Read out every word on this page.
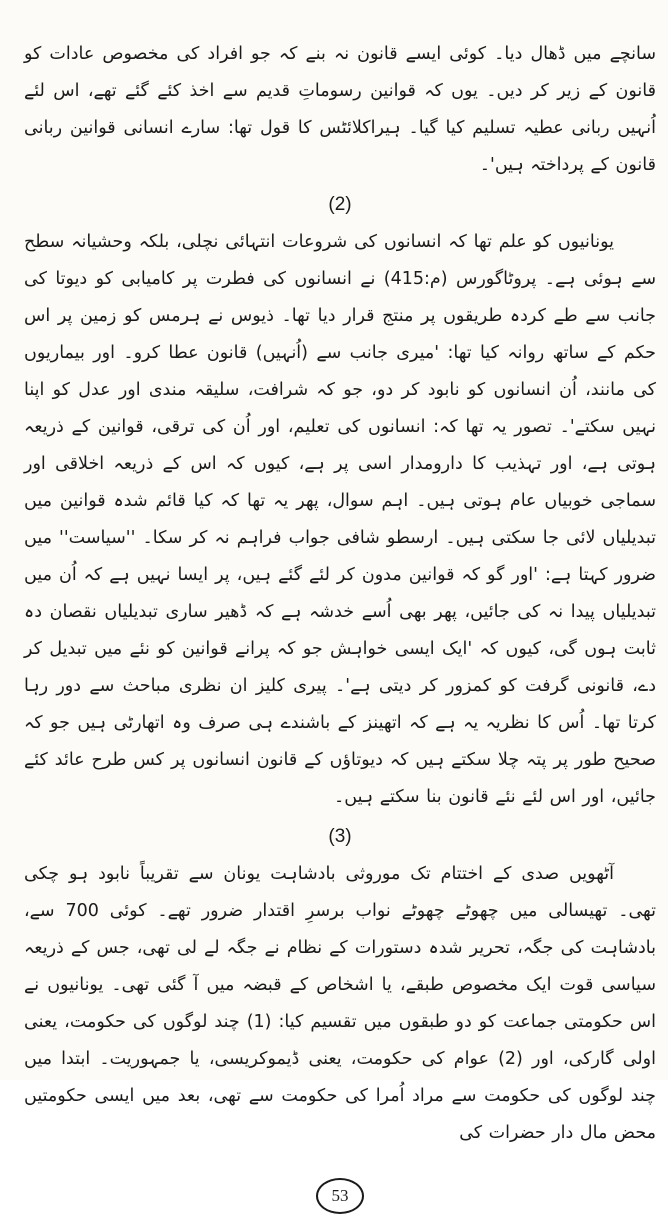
سانچے میں ڈھال دیا۔ کوئی ایسے قانون نہ بنے کہ جو افراد کی مخصوص عادات کو قانون کے زیر کر دیں۔ یوں کہ قوانین رسوماتِ قدیم سے اخذ کئے گئے تھے، اس لئے اُنہیں ربانی عطیہ تسلیم کیا گیا۔ ہیراکلائٹس کا قول تھا: سارے انسانی قوانین ربانی قانون کے پرداختہ ہیں'۔

(2)

یونانیوں کو علم تھا کہ انسانوں کی شروعات انتہائی نچلی، بلکہ وحشیانہ سطح سے ہوئی ہے۔ پروٹاگورس (م:415) نے انسانوں کی فطرت پر کامیابی کو دیوتا کی جانب سے طے کردہ طریقوں پر منتج قرار دیا تھا۔ ذیوس نے ہرمس کو زمین پر اس حکم کے ساتھ روانہ کیا تھا: 'میری جانب سے (اُنہیں) قانون عطا کرو۔ اور بیماریوں کی مانند، اُن انسانوں کو نابود کر دو، جو کہ شرافت، سلیقہ مندی اور عدل کو اپنا نہیں سکتے'۔ تصور یہ تھا کہ: انسانوں کی تعلیم، اور اُن کی ترقی، قوانین کے ذریعہ ہوتی ہے، اور تہذیب کا دارومدار اسی پر ہے، کیوں کہ اس کے ذریعہ اخلاقی اور سماجی خوبیاں عام ہوتی ہیں۔ اہم سوال، پھر یہ تھا کہ کیا قائم شدہ قوانین میں تبدیلیاں لائی جا سکتی ہیں۔ ارسطو شافی جواب فراہم نہ کر سکا۔ ''سیاست'' میں ضرور کہتا ہے: 'اور گو کہ قوانین مدون کر لئے گئے ہیں، پر ایسا نہیں ہے کہ اُن میں تبدیلیاں پیدا نہ کی جائیں، پھر بھی اُسے خدشہ ہے کہ ڈھیر ساری تبدیلیاں نقصان دہ ثابت ہوں گی، کیوں کہ 'ایک ایسی خواہش جو کہ پرانے قوانین کو نئے میں تبدیل کر دے، قانونی گرفت کو کمزور کر دیتی ہے'۔ پیری کلیز ان نظری مباحث سے دور رہا کرتا تھا۔ اُس کا نظریہ یہ ہے کہ اتھینز کے باشندے ہی صرف وہ اتھارٹی ہیں جو کہ صحیح طور پر پتہ چلا سکتے ہیں کہ دیوتاؤں کے قانون انسانوں پر کس طرح عائد کئے جائیں، اور اس لئے نئے قانون بنا سکتے ہیں۔

(3)

آٹھویں صدی کے اختتام تک موروثی بادشاہت یونان سے تقریباً نابود ہو چکی تھی۔ تھیسالی میں چھوٹے چھوٹے نواب برسرِ اقتدار ضرور تھے۔ کوئی 700 سے، بادشاہت کی جگہ، تحریر شدہ دستورات کے نظام نے جگہ لے لی تھی، جس کے ذریعہ سیاسی قوت ایک مخصوص طبقے، یا اشخاص کے قبضہ میں آ گئی تھی۔ یونانیوں نے اس حکومتی جماعت کو دو طبقوں میں تقسیم کیا: (1) چند لوگوں کی حکومت، یعنی اولی گارکی، اور (2) عوام کی حکومت، یعنی ڈیموکریسی، یا جمہوریت۔ ابتدا میں چند لوگوں کی حکومت سے مراد اُمرا کی حکومت سے تھی، بعد میں ایسی حکومتیں محض مال دار حضرات کی

53
